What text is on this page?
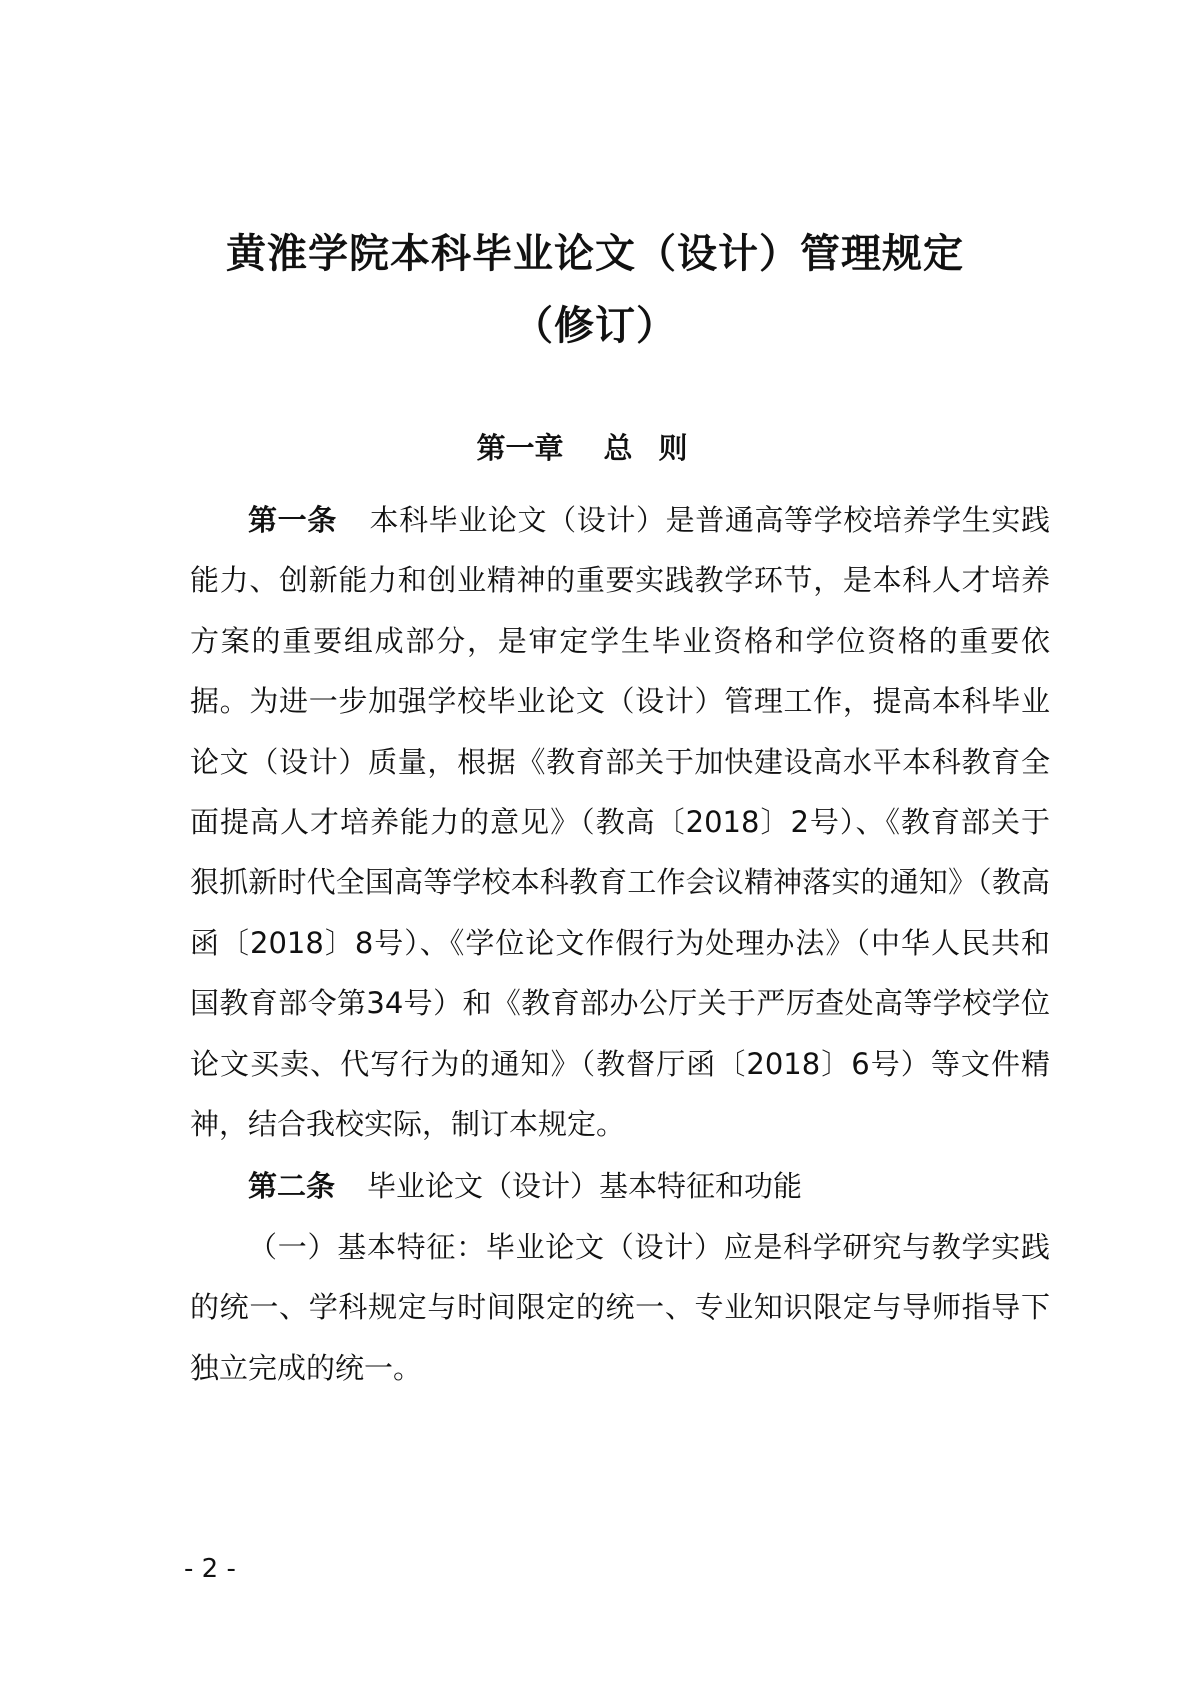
黄淮学院本科毕业论文（设计）管理规定
（修订）
第一章 总则

第一条 本科毕业论文（设计）是普通高等学校培养学生实践能力、创新能力和创业精神的重要实践教学环节，是本科人才培养方案的重要组成部分，是审定学生毕业资格和学位资格的重要依据。为进一步加强学校毕业论文（设计）管理工作，提高本科毕业论文（设计）质量，根据《教育部关于加快建设高水平本科教育全面提高人才培养能力的意见》（教高〔2018〕2号）、《教育部关于狠抓新时代全国高等学校本科教育工作会议精神落实的通知》（教高函〔2018〕8号）、《学位论文作假行为处理办法》（中华人民共和国教育部令第34号）和《教育部办公厅关于严厉查处高等学校学位论文买卖、代写行为的通知》（教督厅函〔2018〕6号）等文件精神，结合我校实际，制订本规定。

第二条 毕业论文（设计）基本特征和功能

（一）基本特征：毕业论文（设计）应是科学研究与教学实践的统一、学科规定与时间限定的统一、专业知识限定与导师指导下独立完成的统一。

- 2 -
